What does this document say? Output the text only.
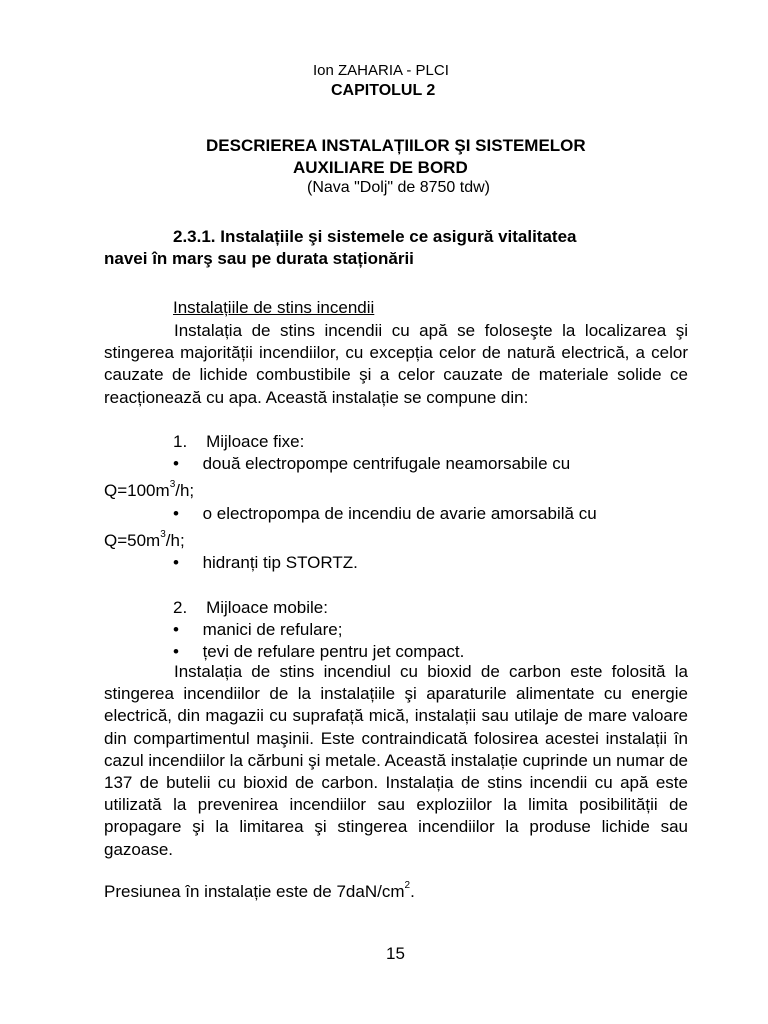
Ion ZAHARIA - PLCI
CAPITOLUL 2
DESCRIEREA INSTALAȚIILOR ŞI SISTEMELOR
AUXILIARE DE BORD
(Nava "Dolj" de 8750 tdw)
2.3.1. Instalațiile şi sistemele ce asigură vitalitatea
navei în marş sau pe durata staționării
Instalațiile de stins incendii
Instalația de stins incendii cu apă se foloseşte la localizarea şi stingerea majorității incendiilor, cu excepția celor de natură electrică, a celor cauzate de lichide combustibile şi a celor cauzate de materiale solide ce reacționează cu apa. Această instalație se compune din:
1. Mijloace fixe:
•     două electropompe centrifugale neamorsabile cu
$Q=100m^3/h$;
•     o electropompa de incendiu de avarie amorsabilă cu
$Q=50m^3/h$;
•     hidranți tip STORTZ.
2. Mijloace mobile:
•     manici de refulare;
•     țevi de refulare pentru jet compact.
Instalația de stins incendiul cu bioxid de carbon este folosită la stingerea incendiilor de la instalațiile şi aparaturile alimentate cu energie electrică, din magazii cu suprafață mică, instalații sau utilaje de mare valoare din compartimentul maşinii. Este contraindicată folosirea acestei instalații în cazul incendiilor la cărbuni şi metale. Această instalație cuprinde un numar de 137 de butelii cu bioxid de carbon. Instalația de stins incendii cu apă este utilizată la prevenirea incendiilor sau exploziilor la limita posibilității de propagare şi la limitarea şi stingerea incendiilor la produse lichide sau gazoase.
Presiunea în instalație este de $7daN/cm^2$.
15
